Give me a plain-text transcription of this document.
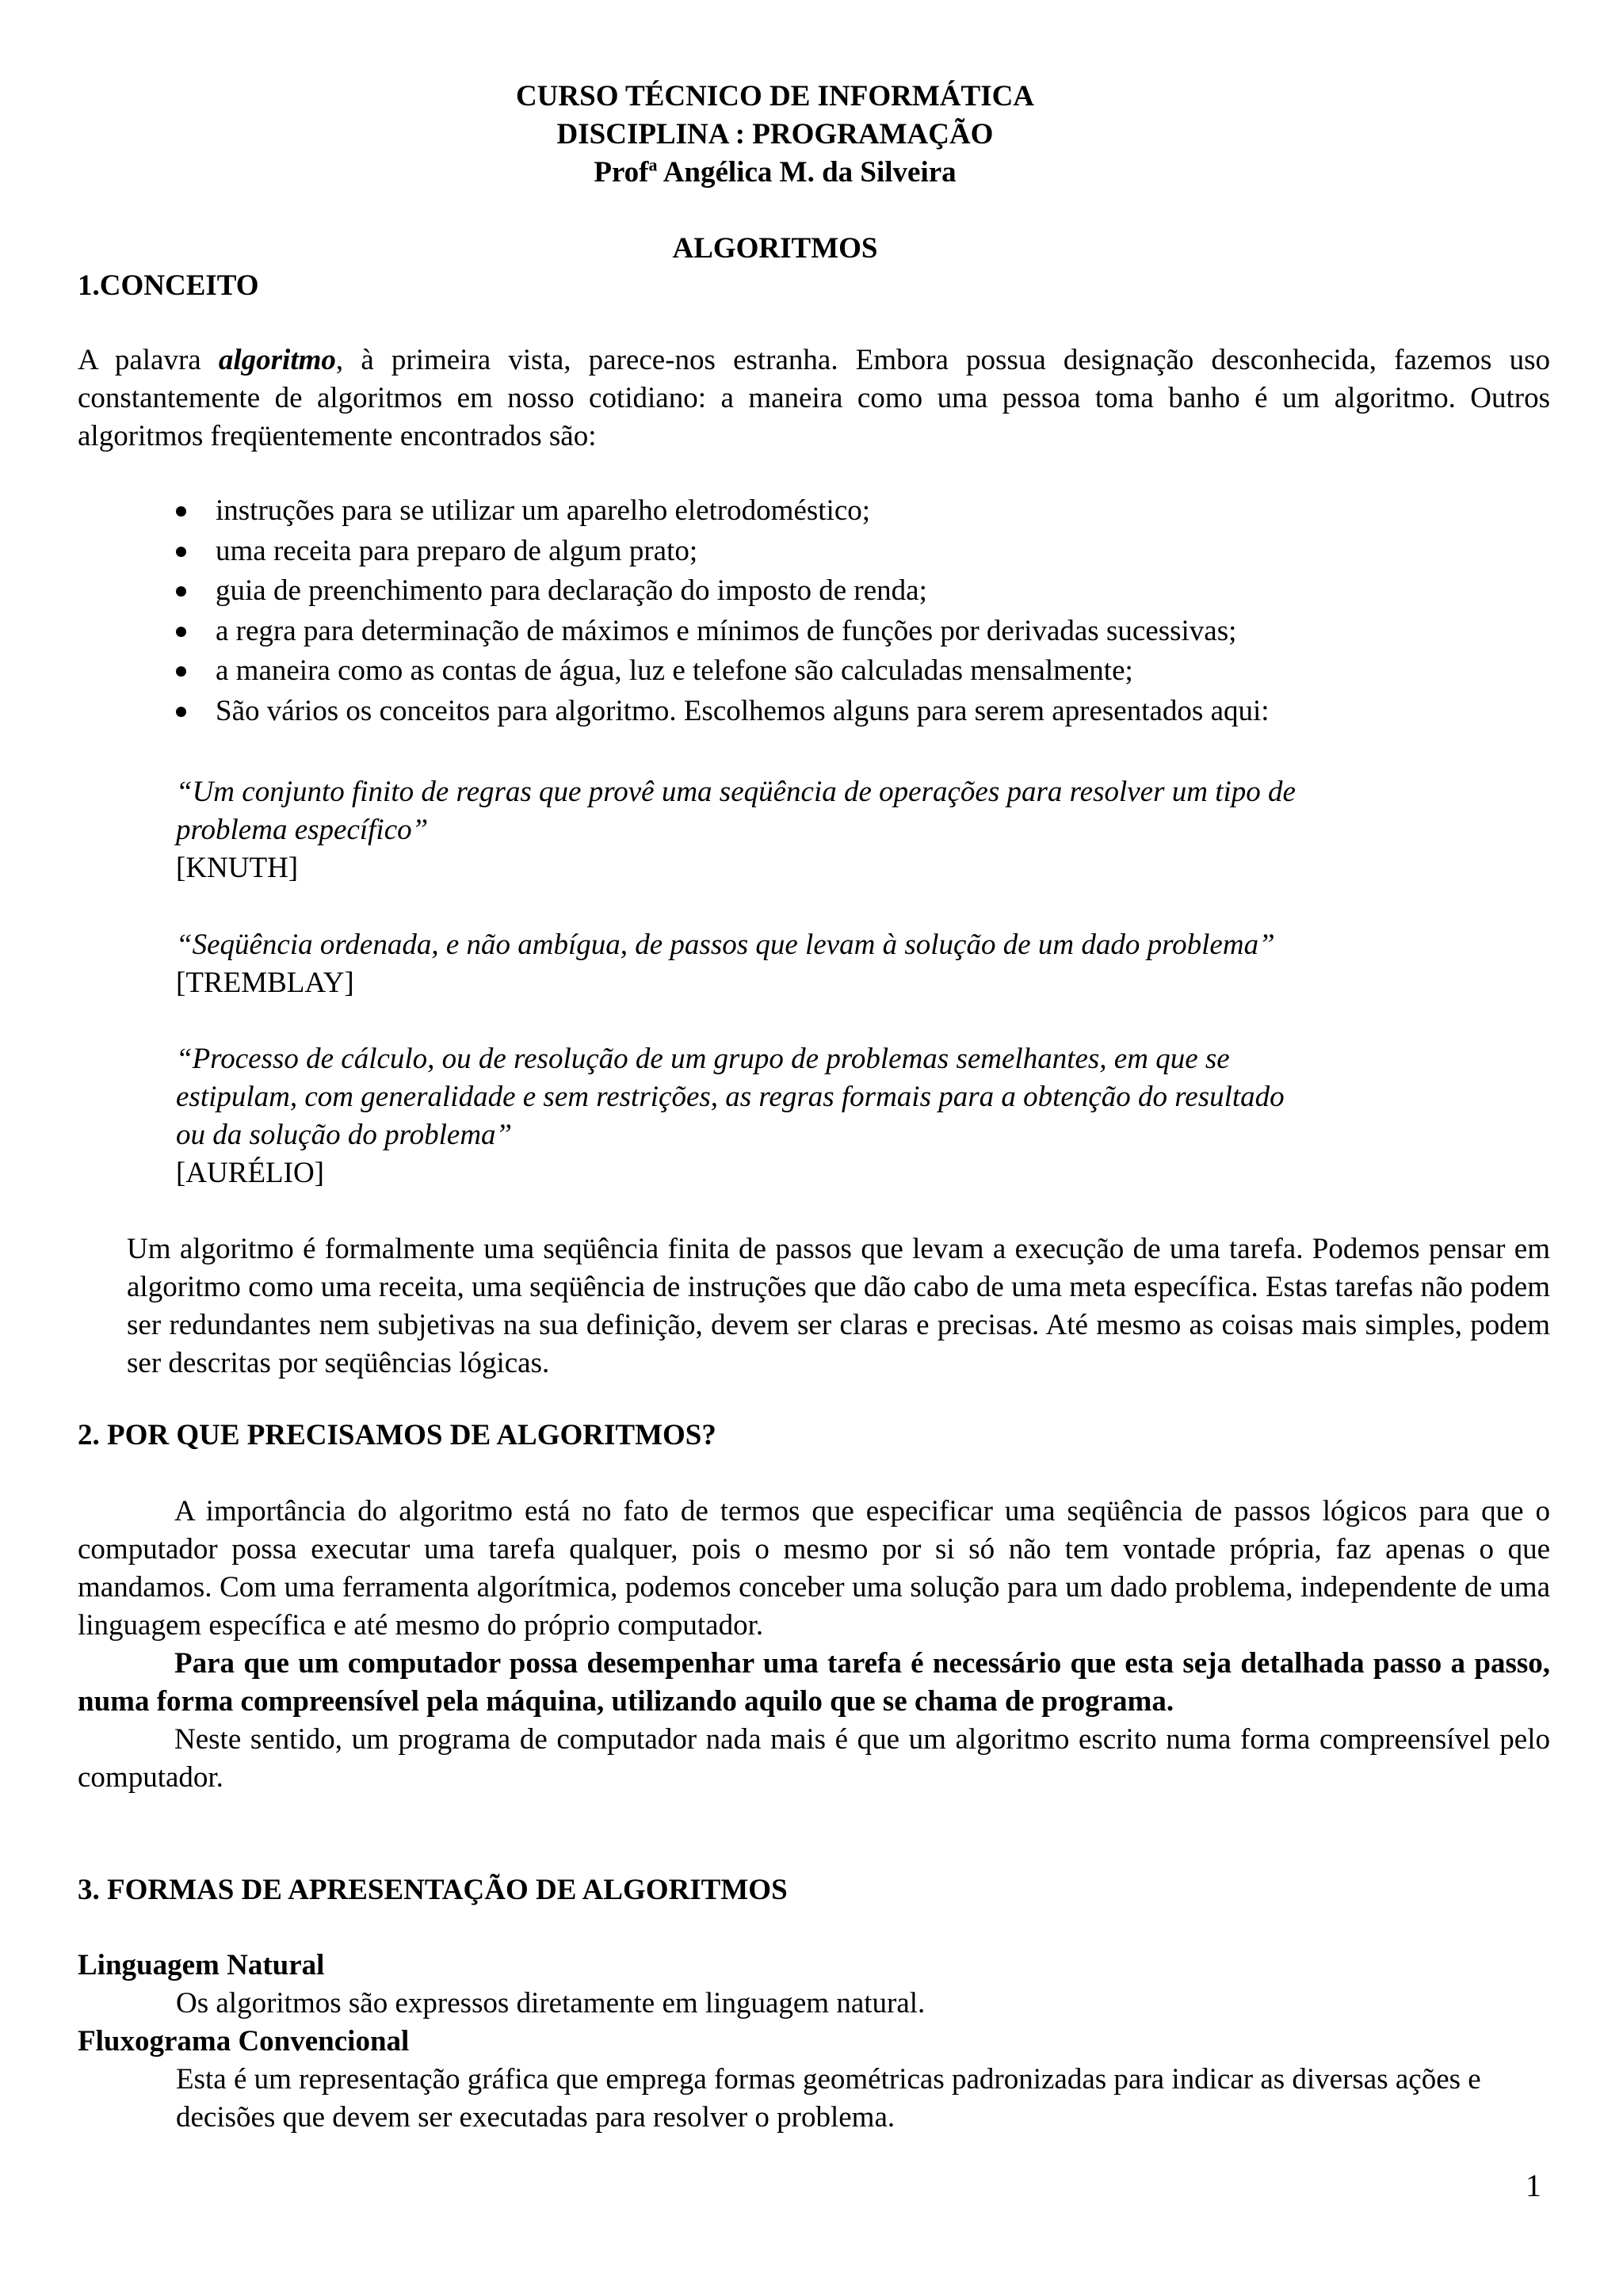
CURSO TÉCNICO DE INFORMÁTICA
DISCIPLINA : PROGRAMAÇÃO
Prof$^a$ Angélica M. da Silveira
ALGORITMOS
1.CONCEITO

A palavra algoritmo, à primeira vista, parece-nos estranha. Embora possua designação desconhecida, fazemos uso constantemente de algoritmos em nosso cotidiano: a maneira como uma pessoa toma banho é um algoritmo. Outros algoritmos freqüentemente encontrados são:

instruções para se utilizar um aparelho eletrodoméstico;
uma receita para preparo de algum prato;
guia de preenchimento para declaração do imposto de renda;
a regra para determinação de máximos e mínimos de funções por derivadas sucessivas;
a maneira como as contas de água, luz e telefone são calculadas mensalmente;
São vários os conceitos para algoritmo. Escolhemos alguns para serem apresentados aqui:
“Um conjunto finito de regras que provê uma seqüência de operações para resolver um tipo de
problema específico”
[KNUTH]
“Seqüência ordenada, e não ambígua, de passos que levam à solução de um dado problema”
[TREMBLAY]
“Processo de cálculo, ou de resolução de um grupo de problemas semelhantes, em que se
estipulam, com generalidade e sem restrições, as regras formais para a obtenção do resultado
ou da solução do problema”
[AURÉLIO]

Um algoritmo é formalmente uma seqüência finita de passos que levam a execução de uma tarefa. Podemos pensar em algoritmo como uma receita, uma seqüência de instruções que dão cabo de uma meta específica. Estas tarefas não podem ser redundantes nem subjetivas na sua definição, devem ser claras e precisas. Até mesmo as coisas mais simples, podem ser descritas por seqüências lógicas.

2. POR QUE PRECISAMOS DE ALGORITMOS?

A importância do algoritmo está no fato de termos que especificar uma seqüência de passos lógicos para que o computador possa executar uma tarefa qualquer, pois o mesmo por si só não tem vontade própria, faz apenas o que mandamos. Com uma ferramenta algorítmica, podemos conceber uma solução para um dado problema, independente de uma linguagem específica e até mesmo do próprio computador.

Para que um computador possa desempenhar uma tarefa é necessário que esta seja detalhada passo a passo, numa forma compreensível pela máquina, utilizando aquilo que se chama de programa.

Neste sentido, um programa de computador nada mais é que um algoritmo escrito numa forma compreensível pelo computador.

3. FORMAS DE APRESENTAÇÃO DE ALGORITMOS
Linguagem Natural
Os algoritmos são expressos diretamente em linguagem natural.
Fluxograma Convencional

Esta é um representação gráfica que emprega formas geométricas padronizadas para indicar as diversas ações e decisões que devem ser executadas para resolver o problema.

1
